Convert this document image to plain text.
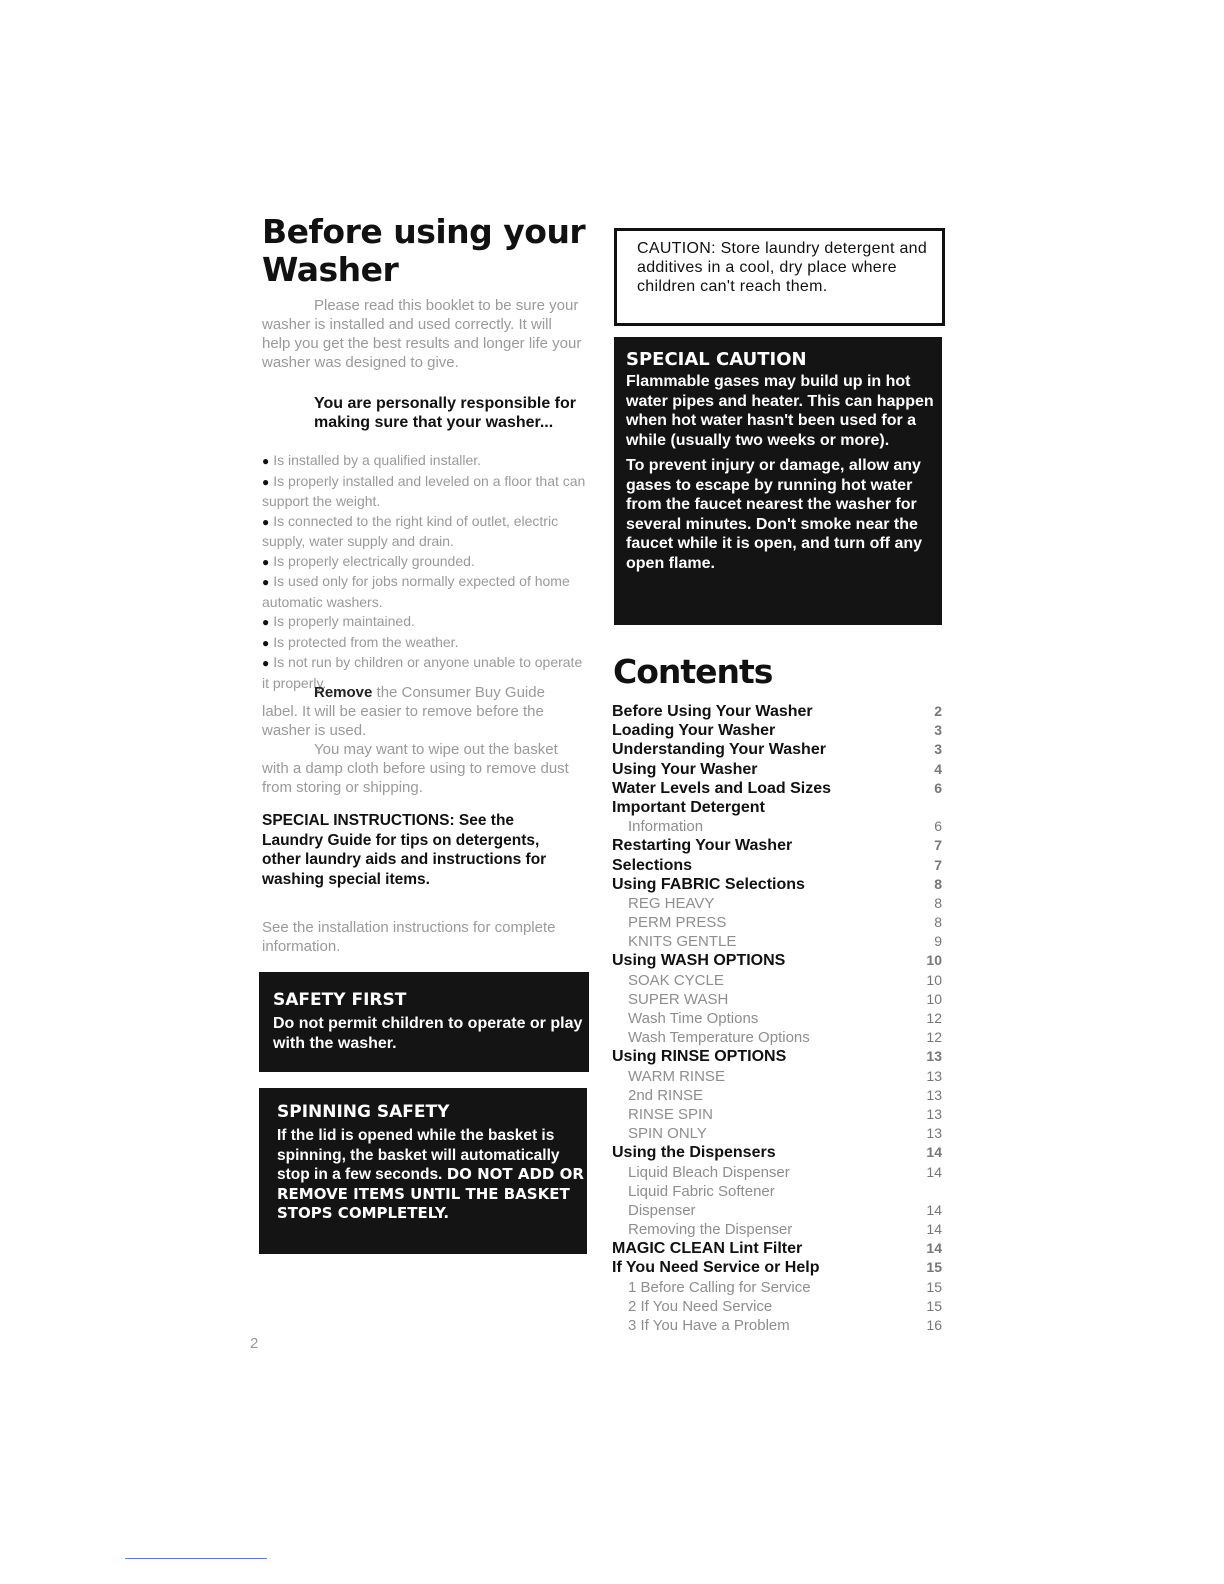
Before using your Washer
Please read this booklet to be sure your washer is installed and used correctly. It will help you get the best results and longer life your washer was designed to give.
You are personally responsible for making sure that your washer...
● Is installed by a qualified installer.
● Is properly installed and leveled on a floor that can support the weight.
● Is connected to the right kind of outlet, electric supply, water supply and drain.
● Is properly electrically grounded.
● Is used only for jobs normally expected of home automatic washers.
● Is properly maintained.
● Is protected from the weather.
● Is not run by children or anyone unable to operate it properly.
Remove the Consumer Buy Guide label. It will be easier to remove before the washer is used.
You may want to wipe out the basket with a damp cloth before using to remove dust from storing or shipping.
SPECIAL INSTRUCTIONS: See the Laundry Guide for tips on detergents, other laundry aids and instructions for washing special items.
See the installation instructions for complete information.
SAFETY FIRST
Do not permit children to operate or play with the washer.
SPINNING SAFETY
If the lid is opened while the basket is spinning, the basket will automatically stop in a few seconds. DO NOT ADD OR REMOVE ITEMS UNTIL THE BASKET STOPS COMPLETELY.
2
CAUTION: Store laundry detergent and additives in a cool, dry place where children can't reach them.
SPECIAL CAUTION
Flammable gases may build up in hot water pipes and heater. This can happen when hot water hasn't been used for a while (usually two weeks or more).
To prevent injury or damage, allow any gases to escape by running hot water from the faucet nearest the washer for several minutes. Don't smoke near the faucet while it is open, and turn off any open flame.
Contents
Before Using Your Washer	2
Loading Your Washer	3
Understanding Your Washer	3
Using Your Washer	4
Water Levels and Load Sizes	6
Important Detergent
Information	6
Restarting Your Washer	7
Selections	7
Using FABRIC Selections	8
REG HEAVY	8
PERM PRESS	8
KNITS GENTLE	9
Using WASH OPTIONS	10
SOAK CYCLE	10
SUPER WASH	10
Wash Time Options	12
Wash Temperature Options	12
Using RINSE OPTIONS	13
WARM RINSE	13
2nd RINSE	13
RINSE SPIN	13
SPIN ONLY	13
Using the Dispensers	14
Liquid Bleach Dispenser	14
Liquid Fabric Softener
Dispenser	14
Removing the Dispenser	14
MAGIC CLEAN Lint Filter	14
If You Need Service or Help	15
1 Before Calling for Service	15
2 If You Need Service	15
3 If You Have a Problem	16
